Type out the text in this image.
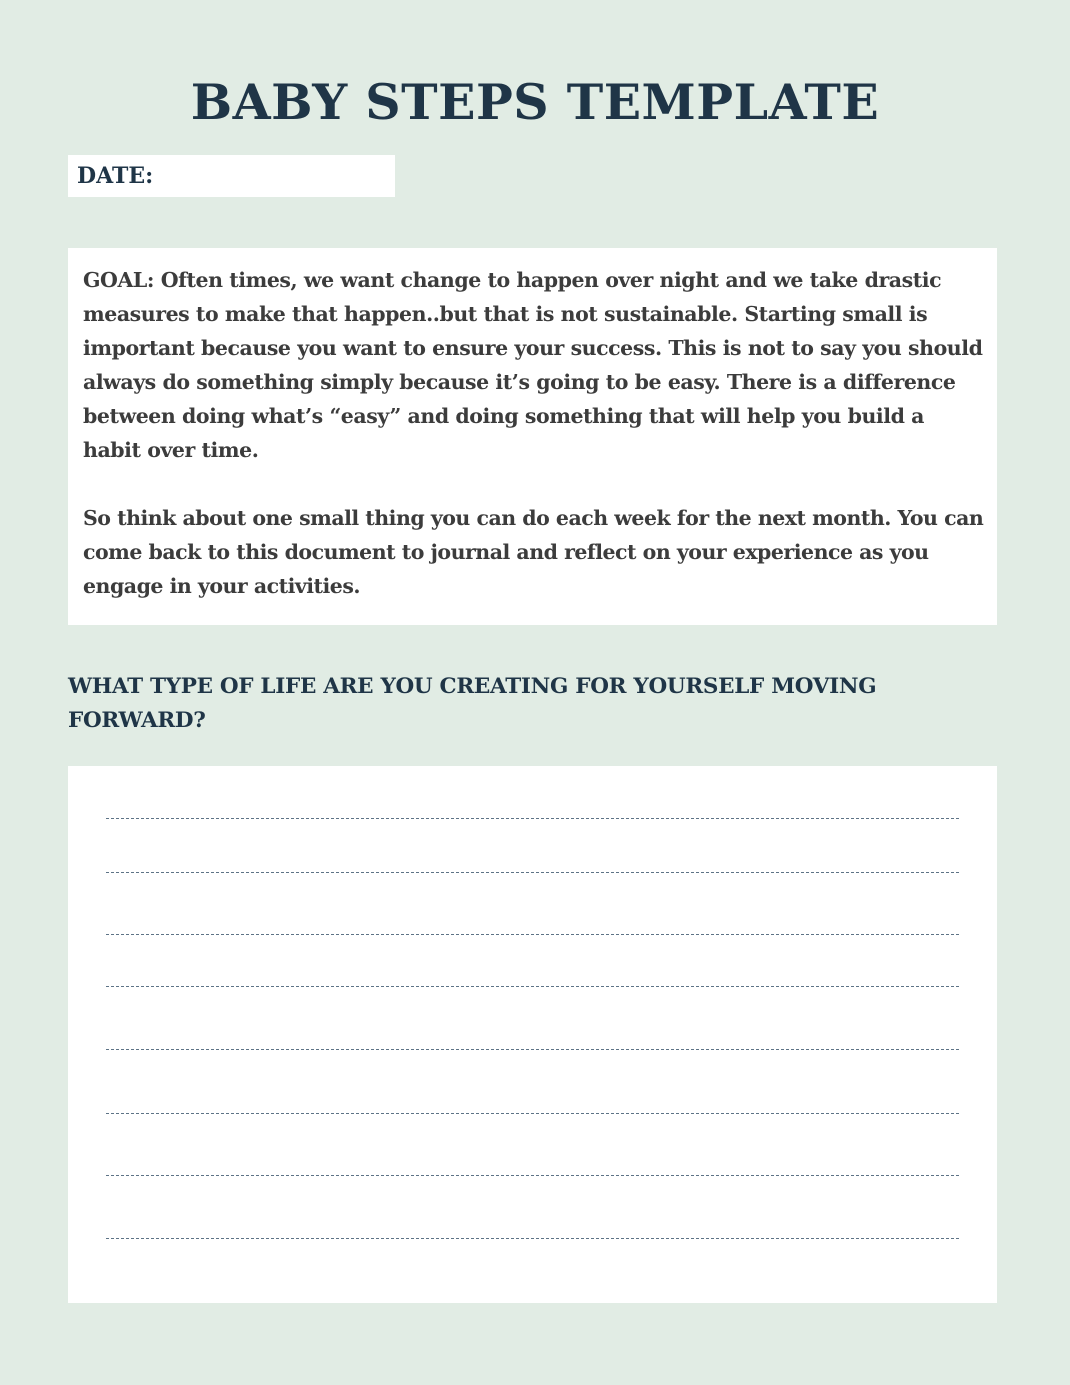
BABY STEPS TEMPLATE
DATE:

GOAL: Often times, we want change to happen over night and we take drastic measures to make that happen..but that is not sustainable. Starting small is important because you want to ensure your success. This is not to say you should always do something simply because it’s going to be easy. There is a difference between doing what’s “easy” and doing something that will help you build a habit over time.

So think about one small thing you can do each week for the next month. You can come back to this document to journal and reflect on your experience as you engage in your activities.

WHAT TYPE OF LIFE ARE YOU CREATING FOR YOURSELF MOVING FORWARD?
